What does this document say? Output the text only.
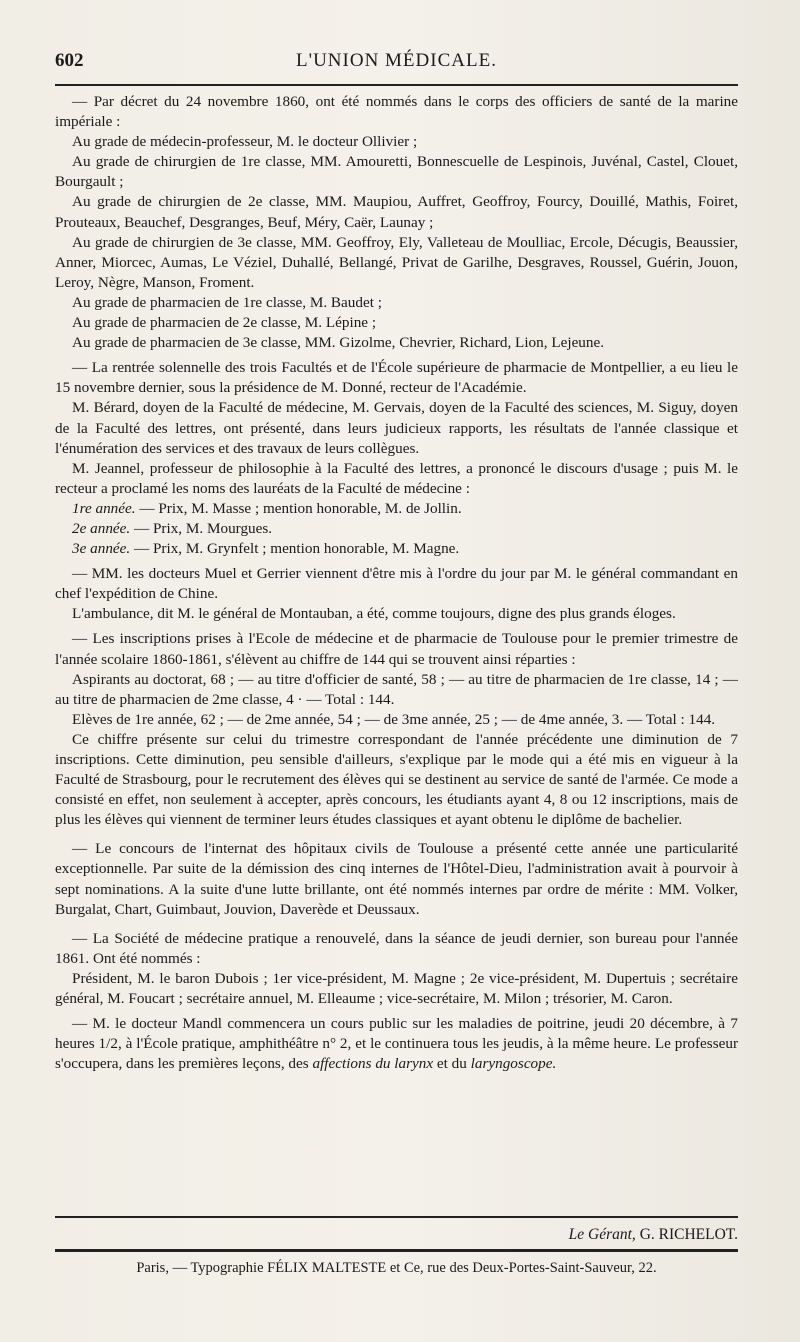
602	L'UNION MÉDICALE.

— Par décret du 24 novembre 1860, ont été nommés dans le corps des officiers de santé de la marine impériale :

Au grade de médecin-professeur, M. le docteur Ollivier ;

Au grade de chirurgien de 1re classe, MM. Amouretti, Bonnescuelle de Lespinois, Juvénal, Castel, Clouet, Bourgault ;

Au grade de chirurgien de 2e classe, MM. Maupiou, Auffret, Geoffroy, Fourcy, Douillé, Mathis, Foiret, Prouteaux, Beauchef, Desgranges, Beuf, Méry, Caër, Launay ;

Au grade de chirurgien de 3e classe, MM. Geoffroy, Ely, Valleteau de Moulliac, Ercole, Décugis, Beaussier, Anner, Miorcec, Aumas, Le Véziel, Duhallé, Bellangé, Privat de Garilhe, Desgraves, Roussel, Guérin, Jouon, Leroy, Nègre, Manson, Froment.

Au grade de pharmacien de 1re classe, M. Baudet ;

Au grade de pharmacien de 2e classe, M. Lépine ;

Au grade de pharmacien de 3e classe, MM. Gizolme, Chevrier, Richard, Lion, Lejeune.

— La rentrée solennelle des trois Facultés et de l'École supérieure de pharmacie de Montpellier, a eu lieu le 15 novembre dernier, sous la présidence de M. Donné, recteur de l'Académie.

M. Bérard, doyen de la Faculté de médecine, M. Gervais, doyen de la Faculté des sciences, M. Siguy, doyen de la Faculté des lettres, ont présenté, dans leurs judicieux rapports, les résultats de l'année classique et l'énumération des services et des travaux de leurs collègues.

M. Jeannel, professeur de philosophie à la Faculté des lettres, a prononcé le discours d'usage ; puis M. le recteur a proclamé les noms des lauréats de la Faculté de médecine :

1re année. — Prix, M. Masse ; mention honorable, M. de Jollin.

2e année. — Prix, M. Mourgues.

3e année. — Prix, M. Grynfelt ; mention honorable, M. Magne.

— MM. les docteurs Muel et Gerrier viennent d'être mis à l'ordre du jour par M. le général commandant en chef l'expédition de Chine.

L'ambulance, dit M. le général de Montauban, a été, comme toujours, digne des plus grands éloges.

— Les inscriptions prises à l'Ecole de médecine et de pharmacie de Toulouse pour le premier trimestre de l'année scolaire 1860-1861, s'élèvent au chiffre de 144 qui se trouvent ainsi réparties :

Aspirants au doctorat, 68 ; — au titre d'officier de santé, 58 ; — au titre de pharmacien de 1re classe, 14 ; — au titre de pharmacien de 2me classe, 4 · — Total : 144.

Elèves de 1re année, 62 ; — de 2me année, 54 ; — de 3me année, 25 ; — de 4me année, 3. — Total : 144.

Ce chiffre présente sur celui du trimestre correspondant de l'année précédente une diminution de 7 inscriptions. Cette diminution, peu sensible d'ailleurs, s'explique par le mode qui a été mis en vigueur à la Faculté de Strasbourg, pour le recrutement des élèves qui se destinent au service de santé de l'armée. Ce mode a consisté en effet, non seulement à accepter, après concours, les étudiants ayant 4, 8 ou 12 inscriptions, mais de plus les élèves qui viennent de terminer leurs études classiques et ayant obtenu le diplôme de bachelier.

— Le concours de l'internat des hôpitaux civils de Toulouse a présenté cette année une particularité exceptionnelle. Par suite de la démission des cinq internes de l'Hôtel-Dieu, l'administration avait à pourvoir à sept nominations. A la suite d'une lutte brillante, ont été nommés internes par ordre de mérite : MM. Volker, Burgalat, Chart, Guimbaut, Jouvion, Daverède et Deussaux.

— La Société de médecine pratique a renouvelé, dans la séance de jeudi dernier, son bureau pour l'année 1861. Ont été nommés :

Président, M. le baron Dubois ; 1er vice-président, M. Magne ; 2e vice-président, M. Dupertuis ; secrétaire général, M. Foucart ; secrétaire annuel, M. Elleaume ; vice-secrétaire, M. Milon ; trésorier, M. Caron.

— M. le docteur Mandl commencera un cours public sur les maladies de poitrine, jeudi 20 décembre, à 7 heures 1/2, à l'École pratique, amphithéâtre n° 2, et le continuera tous les jeudis, à la même heure. Le professeur s'occupera, dans les premières leçons, des affections du larynx et du laryngoscope.

Le Gérant, G. RICHELOT.
Paris, — Typographie FÉLIX MALTESTE et Ce, rue des Deux-Portes-Saint-Sauveur, 22.
